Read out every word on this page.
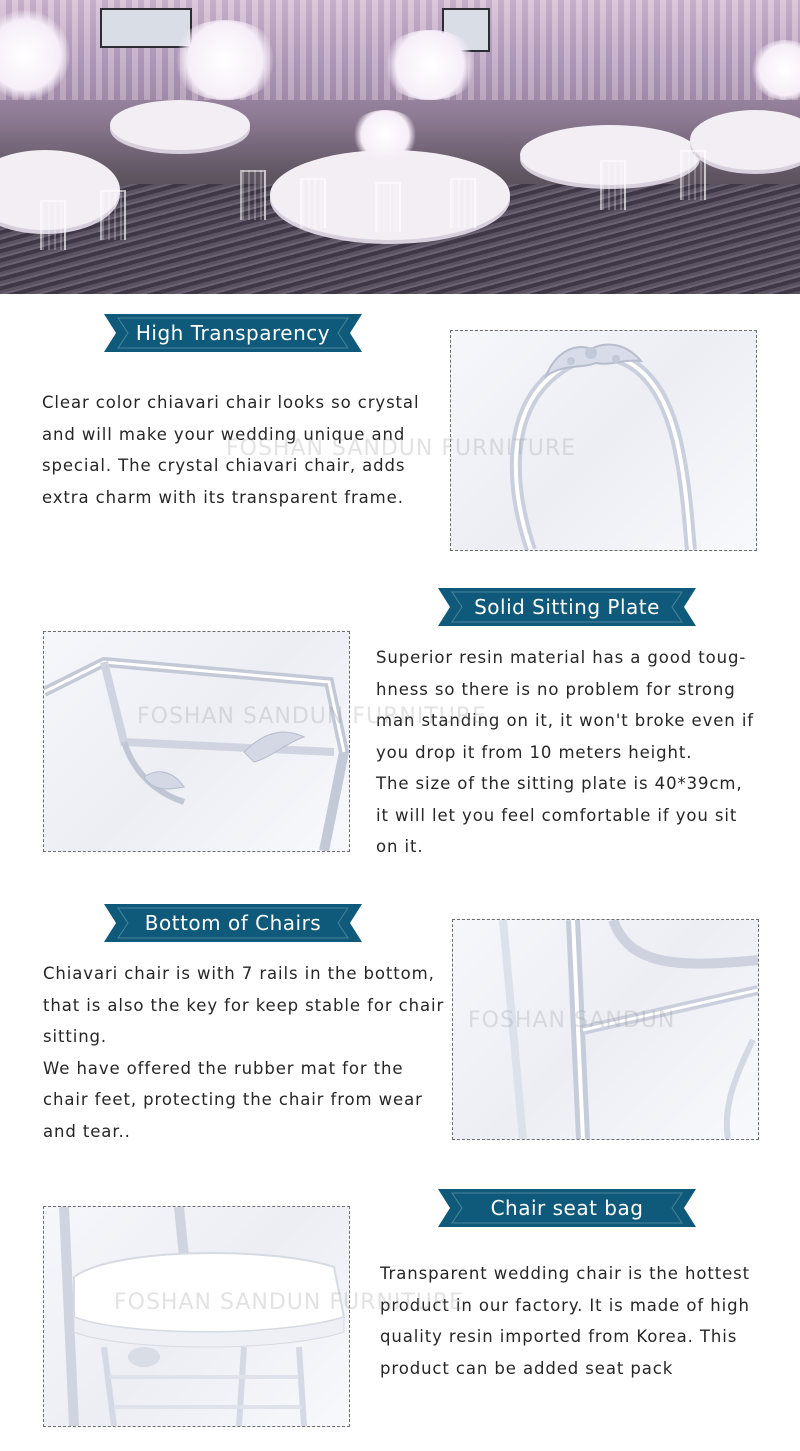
High Transparency
Clear color chiavari chair looks so crystal
and will make your wedding unique and
special. The crystal chiavari chair, adds
extra charm with its transparent frame.
FOSHAN SANDUN FURNITURE
Solid Sitting Plate
Superior resin material has a good toug-
hness so there is no problem for strong
man standing on it, it won't broke even if
you drop it from 10 meters height.
The size of the sitting plate is 40*39cm,
it will let you feel comfortable if you sit
on it.
FOSHAN SANDUN FURNITURE
Bottom of Chairs
Chiavari chair is with 7 rails in the bottom,
that is also the key for keep stable for chair
sitting.
We have offered the rubber mat for the
chair feet, protecting the chair from wear
and tear..
FOSHAN SANDUN
Chair seat bag
Transparent wedding chair is the hottest
product in our factory. It is made of high
quality resin imported from Korea. This
product can be added seat pack
FOSHAN SANDUN FURNITURE
